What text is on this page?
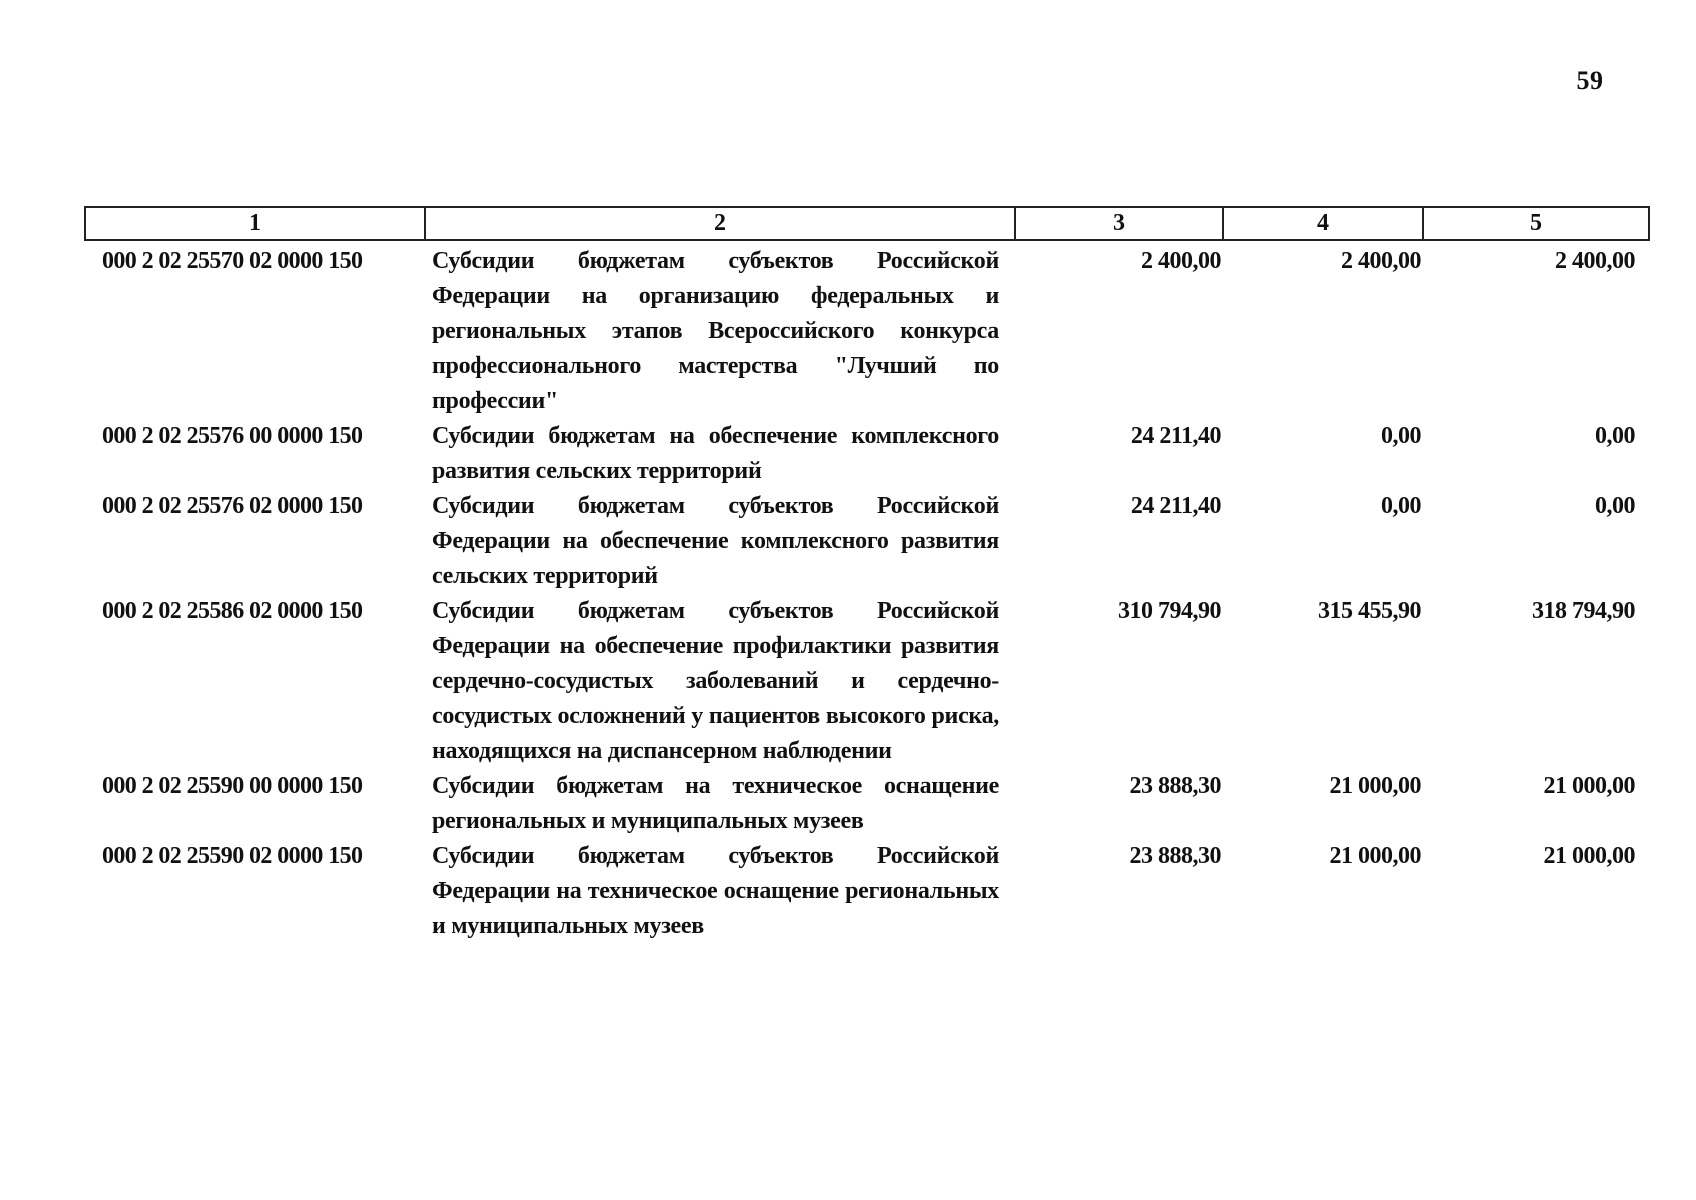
59
1	2	3	4	5
000 2 02 25570 02 0000 150	Субсидии бюджетам субъектов Российской Федерации на организацию федеральных и региональных этапов Всероссийского конкурса профессионального мастерства "Лучший по профессии"	2 400,00	2 400,00	2 400,00
000 2 02 25576 00 0000 150	Субсидии бюджетам на обеспечение комплексного развития сельских территорий	24 211,40	0,00	0,00
000 2 02 25576 02 0000 150	Субсидии бюджетам субъектов Российской Федерации на обеспечение комплексного развития сельских территорий	24 211,40	0,00	0,00
000 2 02 25586 02 0000 150	Субсидии бюджетам субъектов Российской Федерации на обеспечение профилактики развития сердечно-сосудистых заболеваний и сердечно-сосудистых осложнений у пациентов высокого риска, находящихся на диспансерном наблюдении	310 794,90	315 455,90	318 794,90
000 2 02 25590 00 0000 150	Субсидии бюджетам на техническое оснащение региональных и муниципальных музеев	23 888,30	21 000,00	21 000,00
000 2 02 25590 02 0000 150	Субсидии бюджетам субъектов Российской Федерации на техническое оснащение региональных и муниципальных музеев	23 888,30	21 000,00	21 000,00
